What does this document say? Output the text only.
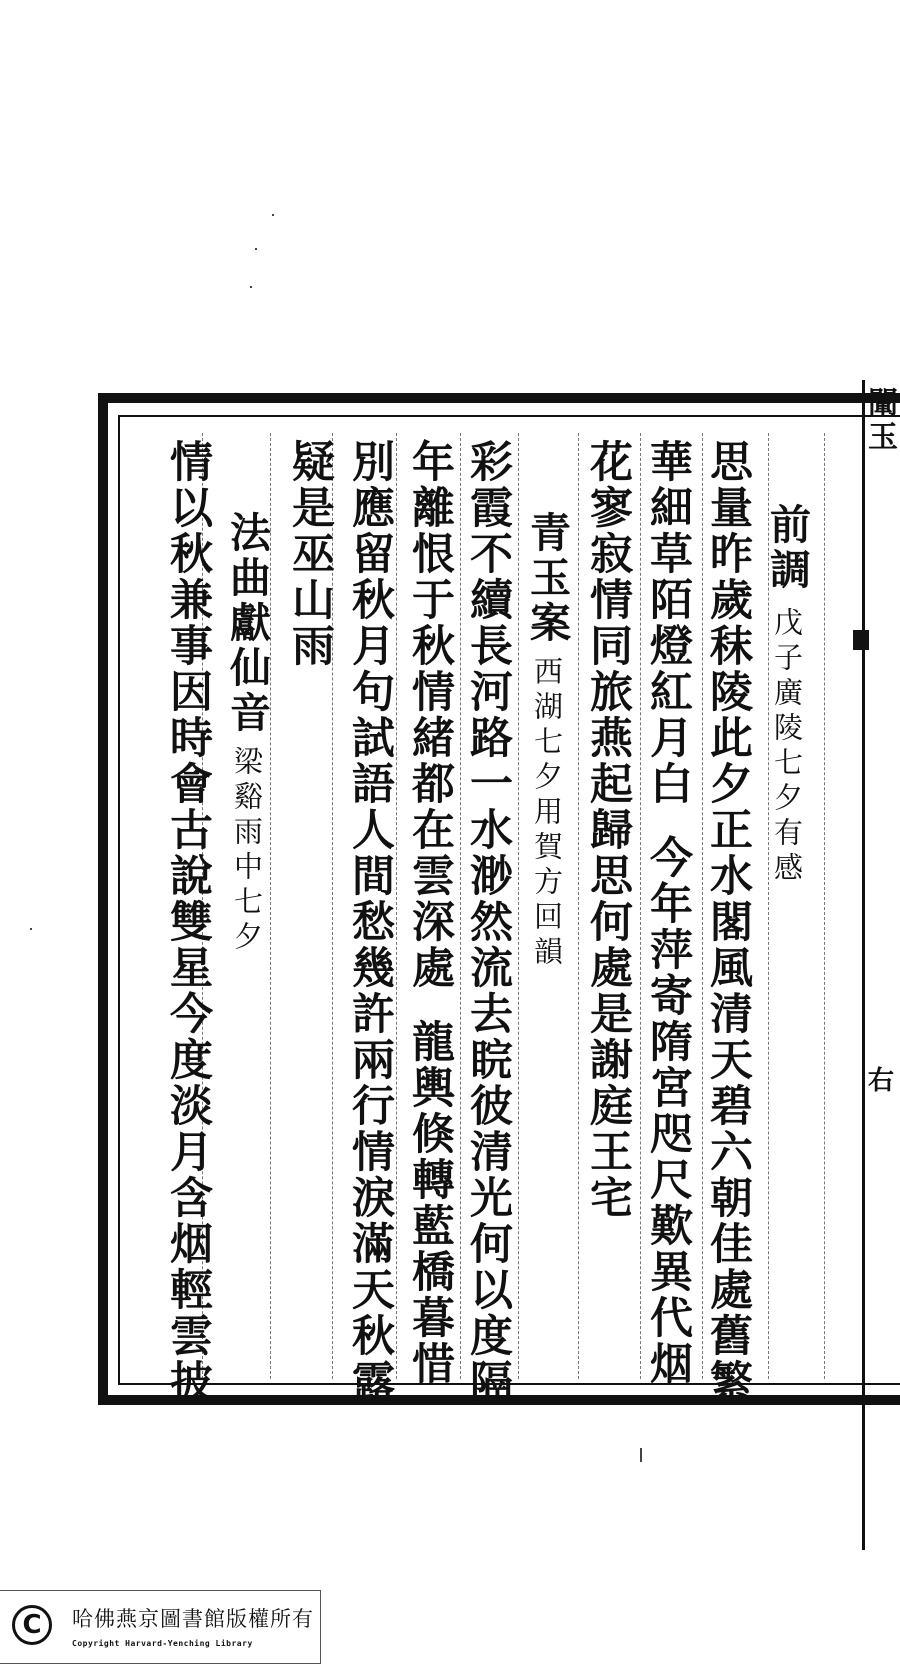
闡
玉
右
前調戊子廣陵七夕有感
思量昨歲秣陵此夕正水閣風清天碧六朝佳處舊繁
華細草陌燈紅月白今年萍寄隋宮咫尺歎異代烟
花寥寂情同旅燕起歸思何處是謝庭王宅
青玉案西湖七夕用賀方回韻
彩霞不續長河路一水渺然流去睆彼清光何以度隔
年離恨于秋情緒都在雲深處龍輿倏轉藍橋暮惜
別應留秋月句試語人間愁幾許兩行情淚滿天秋露
疑是巫山雨
法曲獻仙音梁谿雨中七夕
情以秋兼事因時會古說雙星今度淡月含烟輕雲披
C	哈佛燕京圖書館版權所有
Copyright Harvard-Yenching Library
